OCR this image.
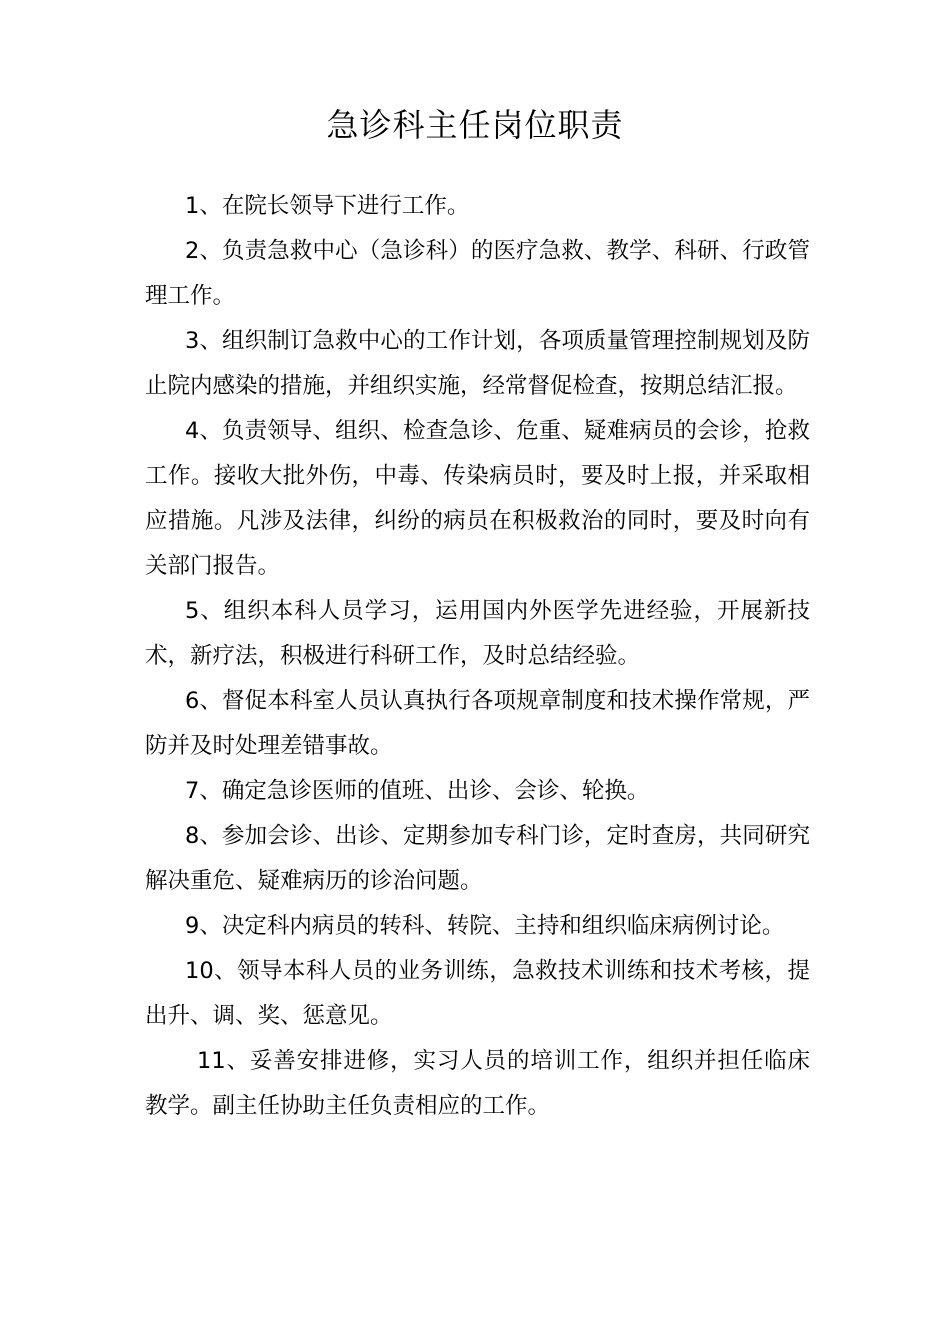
急诊科主任岗位职责

1、在院长领导下进行工作。

2、负责急救中心（急诊科）的医疗急救、教学、科研、行政管理工作。

3、组织制订急救中心的工作计划，各项质量管理控制规划及防止院内感染的措施，并组织实施，经常督促检查，按期总结汇报。

4、负责领导、组织、检查急诊、危重、疑难病员的会诊，抢救工作。接收大批外伤，中毒、传染病员时，要及时上报，并采取相应措施。凡涉及法律，纠纷的病员在积极救治的同时，要及时向有关部门报告。

5、组织本科人员学习，运用国内外医学先进经验，开展新技术，新疗法，积极进行科研工作，及时总结经验。

6、督促本科室人员认真执行各项规章制度和技术操作常规，严防并及时处理差错事故。

7、确定急诊医师的值班、出诊、会诊、轮换。

8、参加会诊、出诊、定期参加专科门诊，定时查房，共同研究解决重危、疑难病历的诊治问题。

9、决定科内病员的转科、转院、主持和组织临床病例讨论。

10、领导本科人员的业务训练，急救技术训练和技术考核，提出升、调、奖、惩意见。

11、妥善安排进修，实习人员的培训工作，组织并担任临床教学。副主任协助主任负责相应的工作。
